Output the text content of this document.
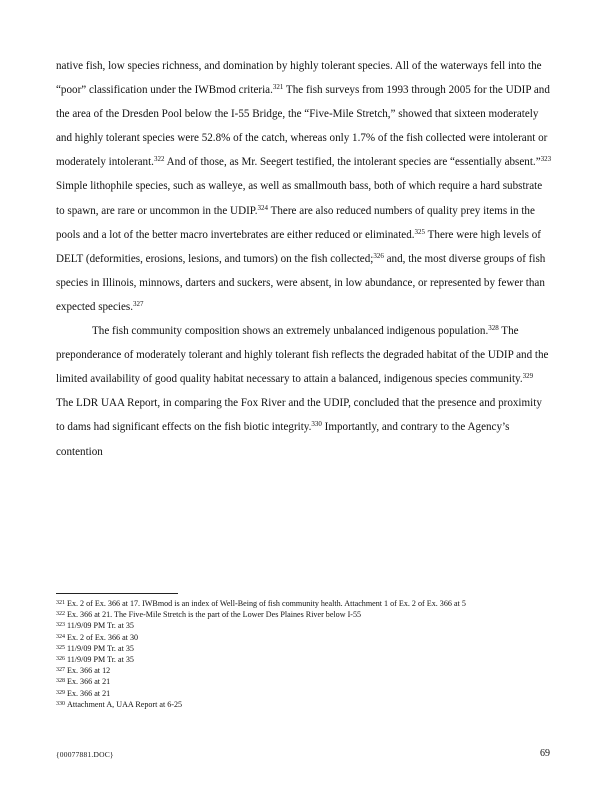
native fish, low species richness, and domination by highly tolerant species. All of the waterways fell into the “poor” classification under the IWBmod criteria.$^{321}$ The fish surveys from 1993 through 2005 for the UDIP and the area of the Dresden Pool below the I-55 Bridge, the “Five-Mile Stretch,” showed that sixteen moderately and highly tolerant species were 52.8% of the catch, whereas only 1.7% of the fish collected were intolerant or moderately intolerant.$^{322}$ And of those, as Mr. Seegert testified, the intolerant species are “essentially absent.”$^{323}$ Simple lithophile species, such as walleye, as well as smallmouth bass, both of which require a hard substrate to spawn, are rare or uncommon in the UDIP.$^{324}$ There are also reduced numbers of quality prey items in the pools and a lot of the better macro invertebrates are either reduced or eliminated.$^{325}$ There were high levels of DELT (deformities, erosions, lesions, and tumors) on the fish collected;$^{326}$ and, the most diverse groups of fish species in Illinois, minnows, darters and suckers, were absent, in low abundance, or represented by fewer than expected species.$^{327}$

The fish community composition shows an extremely unbalanced indigenous population.$^{328}$ The preponderance of moderately tolerant and highly tolerant fish reflects the degraded habitat of the UDIP and the limited availability of good quality habitat necessary to attain a balanced, indigenous species community.$^{329}$ The LDR UAA Report, in comparing the Fox River and the UDIP, concluded that the presence and proximity to dams had significant effects on the fish biotic integrity.$^{330}$ Importantly, and contrary to the Agency’s contention

$^{321}$ Ex. 2 of Ex. 366 at 17. IWBmod is an index of Well-Being of fish community health. Attachment 1 of Ex. 2 of Ex. 366 at 5
$^{322}$ Ex. 366 at 21. The Five-Mile Stretch is the part of the Lower Des Plaines River below I-55
$^{323}$ 11/9/09 PM Tr. at 35
$^{324}$ Ex. 2 of Ex. 366 at 30
$^{325}$ 11/9/09 PM Tr. at 35
$^{326}$ 11/9/09 PM Tr. at 35
$^{327}$ Ex. 366 at 12
$^{328}$ Ex. 366 at 21
$^{329}$ Ex. 366 at 21
$^{330}$ Attachment A, UAA Report at 6-25
{00077881.DOC}	69
